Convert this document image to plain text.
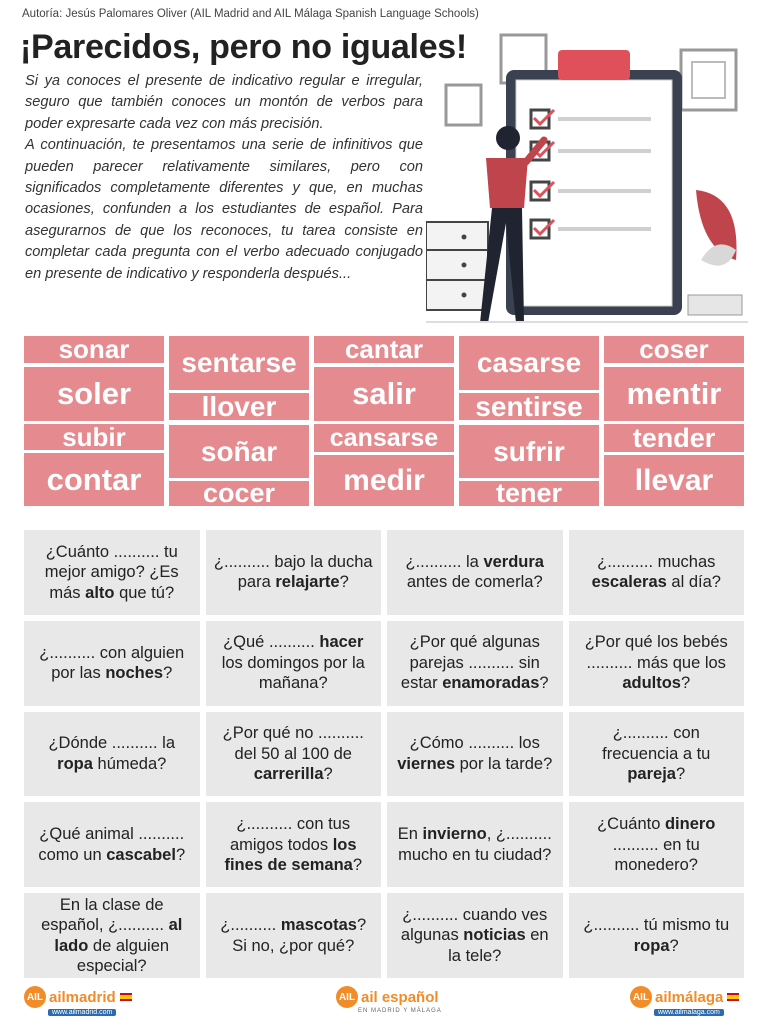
Autoría: Jesús Palomares Oliver (AIL Madrid and AIL Málaga Spanish Language Schools)
¡Parecidos, pero no iguales!

Si ya conoces el presente de indicativo regular e irregular, seguro que también conoces un montón de verbos para poder expresarte cada vez con más precisión.

A continuación, te presentamos una serie de infinitivos que pueden parecer relativamente similares, pero con significados completamente diferentes y que, en muchas ocasiones, confunden a los estudiantes de español. Para asegurarnos de que los reconoces, tu tarea consiste en completar cada pregunta con el verbo adecuado conjugado en presente de indicativo y responderla después...

sonar
soler
subir
contar
sentarse
llover
soñar
cocer
cantar
salir
cansarse
medir
casarse
sentirse
sufrir
tener
coser
mentir
tender
llevar
¿Cuánto .......... tu mejor amigo? ¿Es más alto que tú?
¿.......... bajo la ducha para relajarte?
¿.......... la verdura antes de comerla?
¿.......... muchas escaleras al día?
¿.......... con alguien por las noches?
¿Qué .......... hacer los domingos por la mañana?
¿Por qué algunas parejas .......... sin estar enamoradas?
¿Por qué los bebés .......... más que los adultos?
¿Dónde .......... la ropa húmeda?
¿Por qué no .......... del 50 al 100 de carrerilla?
¿Cómo .......... los viernes por la tarde?
¿.......... con frecuencia a tu pareja?
¿Qué animal .......... como un cascabel?
¿.......... con tus amigos todos los fines de semana?
En invierno, ¿.......... mucho en tu ciudad?
¿Cuánto dinero .......... en tu monedero?
En la clase de español, ¿.......... al lado de alguien especial?
¿.......... mascotas? Si no, ¿por qué?
¿.......... cuando ves algunas noticias en la tele?
¿.......... tú mismo tu ropa?
AIL ailmadrid
www.ailmadrid.com
AIL ail español
EN MADRID Y MÁLAGA
AIL ailmálaga
www.ailmalaga.com
